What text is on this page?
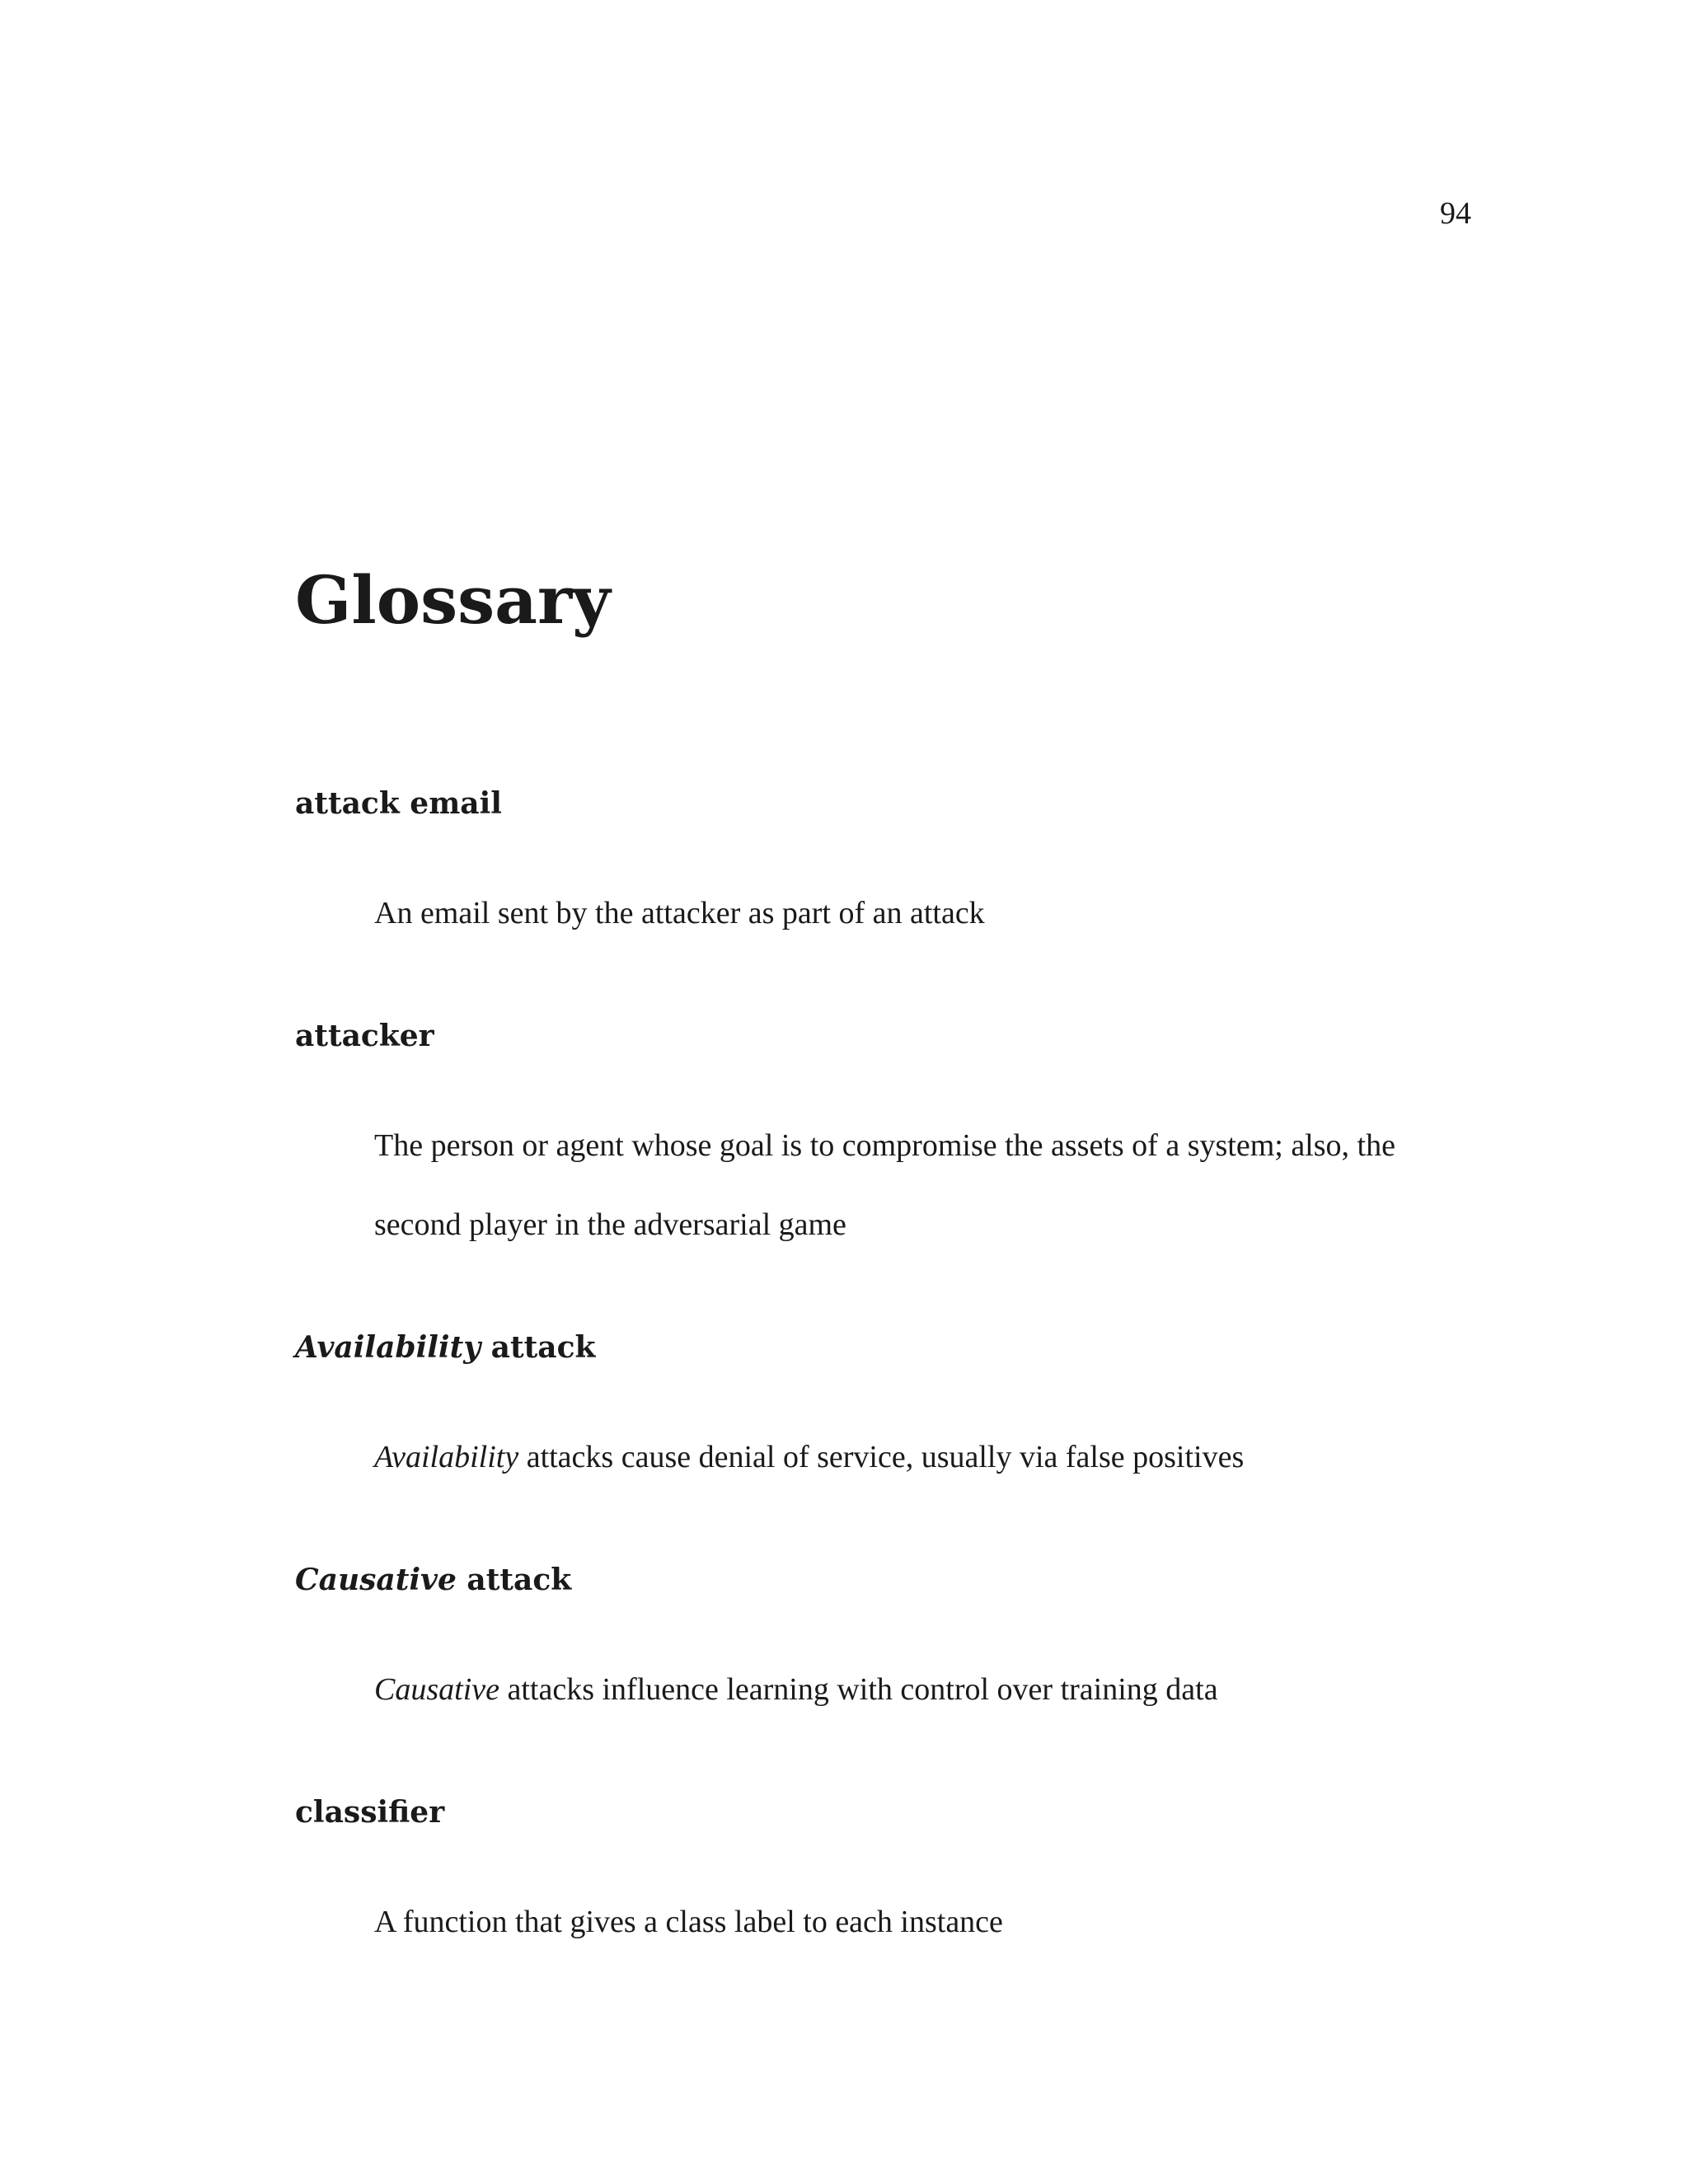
94
Glossary

attack email

An email sent by the attacker as part of an attack

attacker

The person or agent whose goal is to compromise the assets of a system; also, the second player in the adversarial game

Availability attack

Availability attacks cause denial of service, usually via false positives

Causative attack

Causative attacks influence learning with control over training data

classifier

A function that gives a class label to each instance
